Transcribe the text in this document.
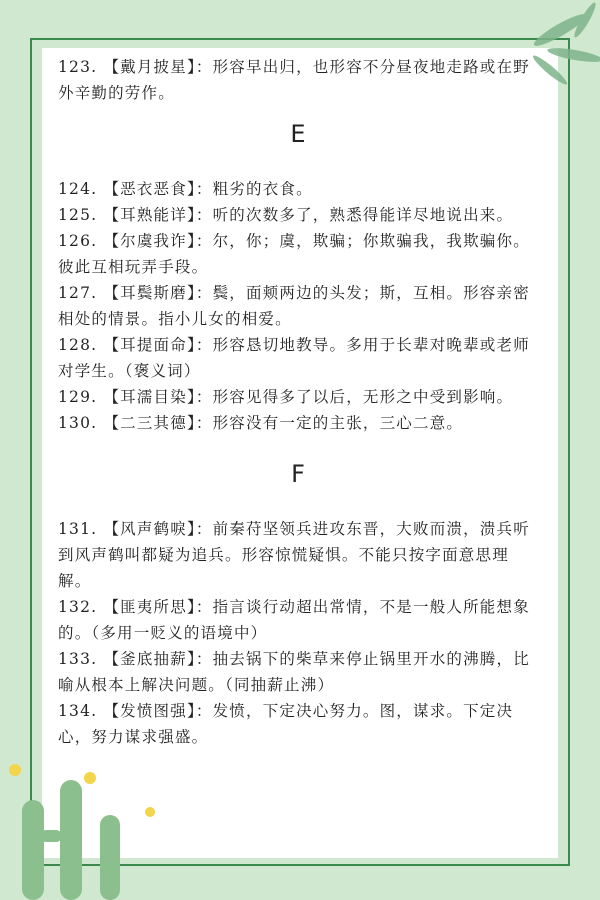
123. 【戴月披星】：形容早出归，也形容不分昼夜地走路或在野外辛勤的劳作。

E

124. 【恶衣恶食】：粗劣的衣食。

125. 【耳熟能详】：听的次数多了，熟悉得能详尽地说出来。

126. 【尔虞我诈】：尔，你；虞，欺骗；你欺骗我，我欺骗你。彼此互相玩弄手段。

127. 【耳鬓斯磨】：鬓，面颊两边的头发；斯，互相。形容亲密相处的情景。指小儿女的相爱。

128. 【耳提面命】：形容恳切地教导。多用于长辈对晚辈或老师对学生。（褒义词）

129. 【耳濡目染】：形容见得多了以后，无形之中受到影响。

130. 【二三其德】：形容没有一定的主张，三心二意。

F

131. 【风声鹤唳】：前秦苻坚领兵进攻东晋，大败而溃，溃兵听到风声鹤叫都疑为追兵。形容惊慌疑惧。不能只按字面意思理解。

132. 【匪夷所思】：指言谈行动超出常情，不是一般人所能想象的。（多用一贬义的语境中）

133. 【釜底抽薪】：抽去锅下的柴草来停止锅里开水的沸腾，比喻从根本上解决问题。（同抽薪止沸）

134. 【发愤图强】：发愤，下定决心努力。图，谋求。下定决心，努力谋求强盛。
